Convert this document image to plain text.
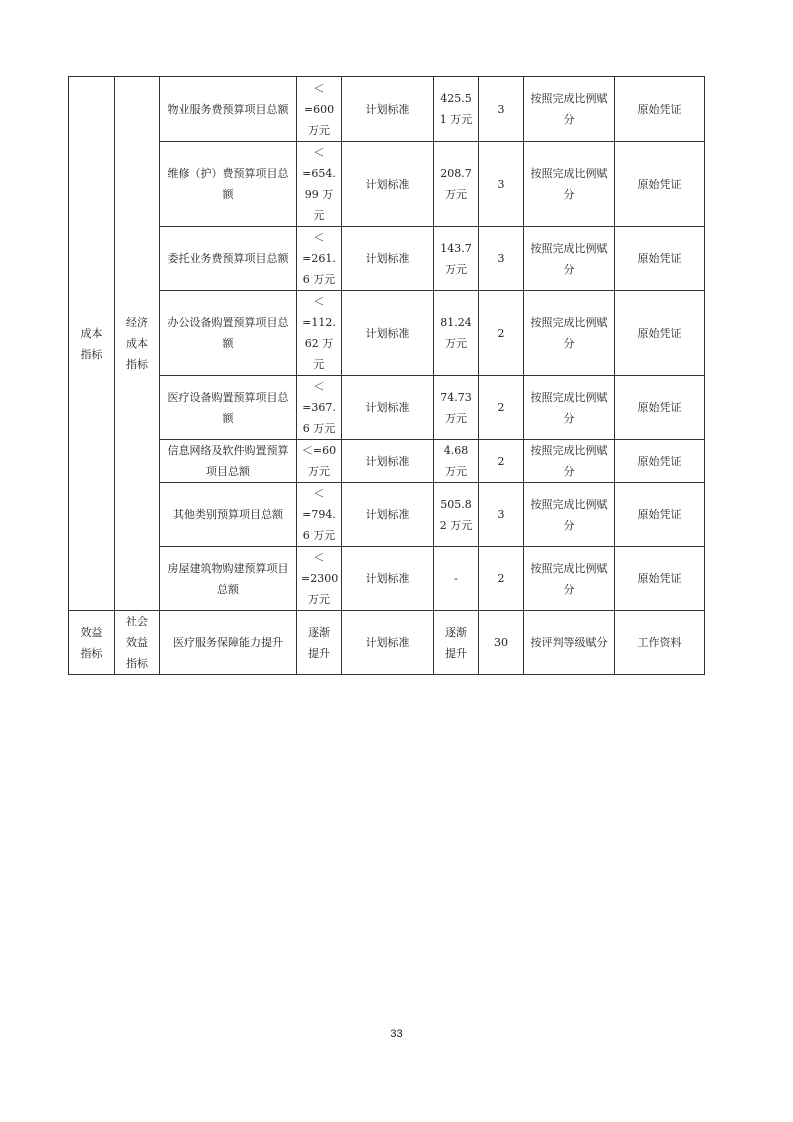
成本
指标	经济
成本
指标	物业服务费预算项目总额	＜
=600
万元	计划标准	425.5
1 万元	3	按照完成比例赋
分	原始凭证
		维修（护）费预算项目总
额	＜
=654.
99 万
元	计划标准	208.7
万元	3	按照完成比例赋
分	原始凭证
		委托业务费预算项目总额	＜
=261.
6 万元	计划标准	143.7
万元	3	按照完成比例赋
分	原始凭证
		办公设备购置预算项目总
额	＜
=112.
62 万
元	计划标准	81.24
万元	2	按照完成比例赋
分	原始凭证
		医疗设备购置预算项目总
额	＜
=367.
6 万元	计划标准	74.73
万元	2	按照完成比例赋
分	原始凭证
		信息网络及软件购置预算
项目总额	＜=60
万元	计划标准	4.68
万元	2	按照完成比例赋
分	原始凭证
		其他类别预算项目总额	＜
=794.
6 万元	计划标准	505.8
2 万元	3	按照完成比例赋
分	原始凭证
		房屋建筑物购建预算项目
总额	＜
=2300
万元	计划标准	-	2	按照完成比例赋
分	原始凭证

效益
指标	社会
效益
指标	医疗服务保障能力提升	逐渐
提升	计划标准	逐渐
提升	30	按评判等级赋分	工作资料
33
